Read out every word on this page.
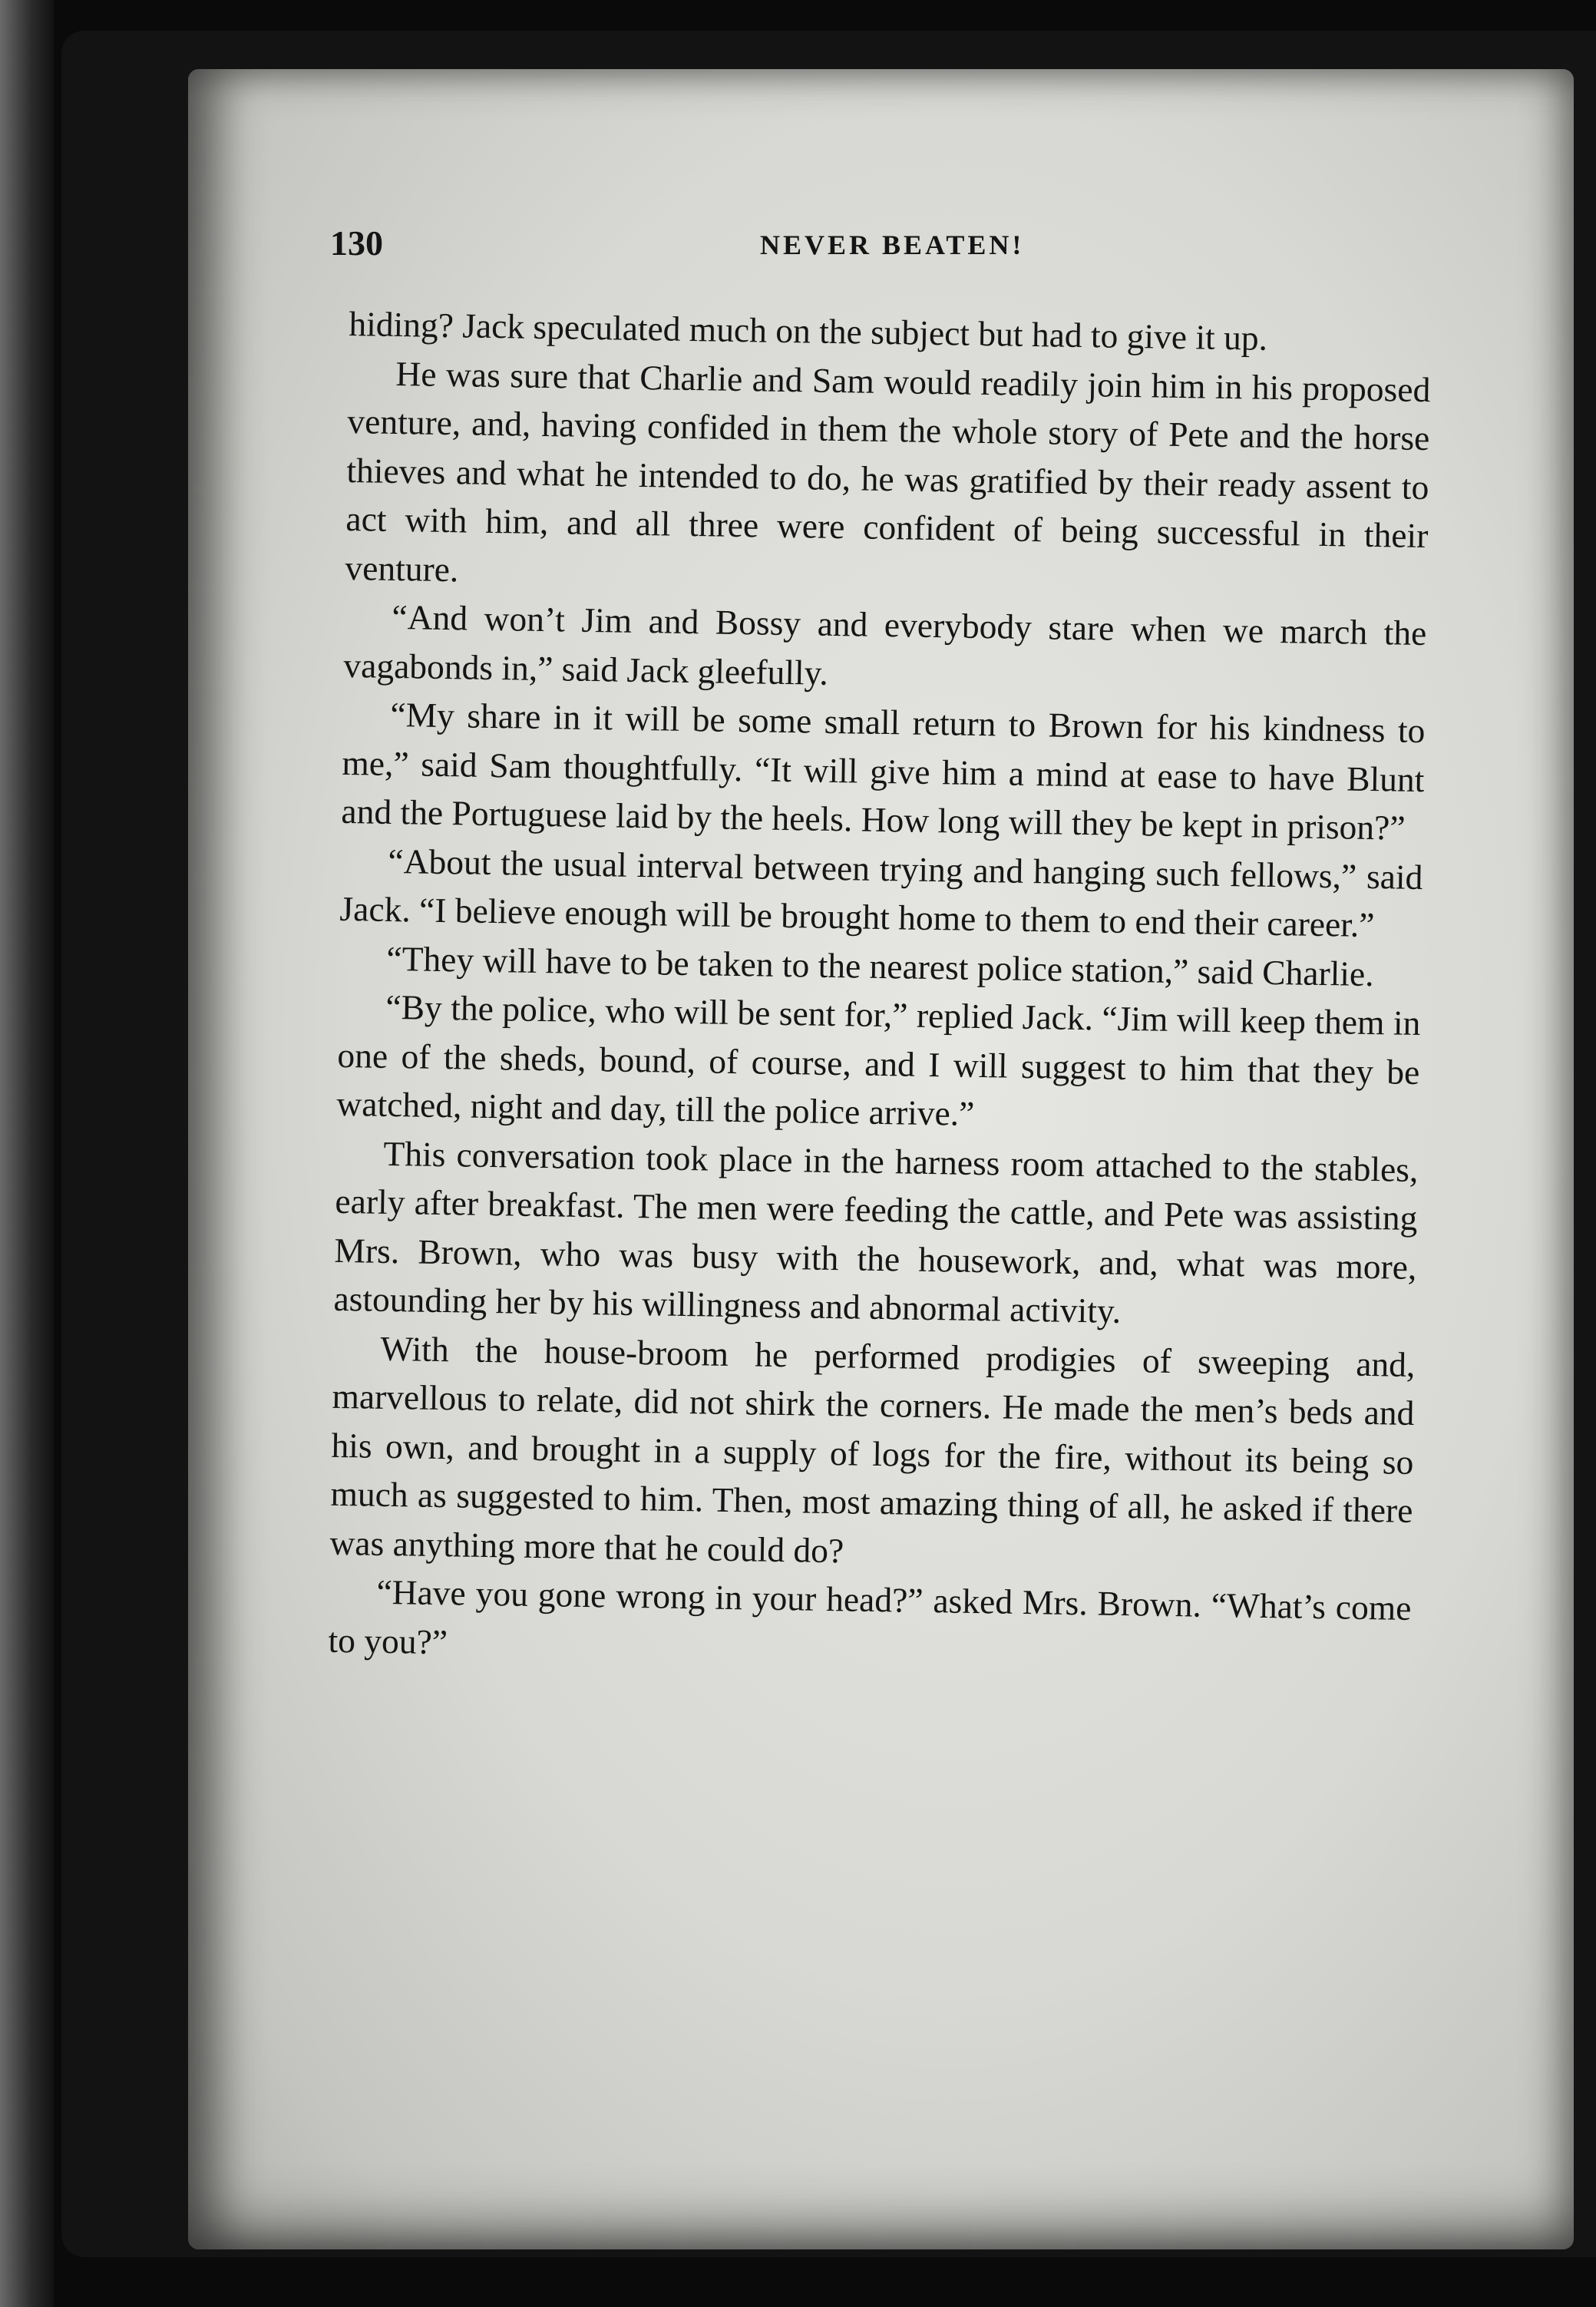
130	NEVER BEATEN!

hiding? Jack speculated much on the subject but had to give it up.

He was sure that Charlie and Sam would readily join him in his proposed venture, and, having confided in them the whole story of Pete and the horse thieves and what he intended to do, he was gratified by their ready assent to act with him, and all three were confident of being successful in their venture.

“And won’t Jim and Bossy and everybody stare when we march the vagabonds in,” said Jack gleefully.

“My share in it will be some small return to Brown for his kindness to me,” said Sam thoughtfully. “It will give him a mind at ease to have Blunt and the Portuguese laid by the heels. How long will they be kept in prison?”

“About the usual interval between trying and hanging such fellows,” said Jack. “I believe enough will be brought home to them to end their career.”

“They will have to be taken to the nearest police station,” said Charlie.

“By the police, who will be sent for,” replied Jack. “Jim will keep them in one of the sheds, bound, of course, and I will suggest to him that they be watched, night and day, till the police arrive.”

This conversation took place in the harness room attached to the stables, early after breakfast. The men were feeding the cattle, and Pete was assisting Mrs. Brown, who was busy with the housework, and, what was more, astounding her by his willingness and abnormal activity.

With the house-broom he performed prodigies of sweeping and, marvellous to relate, did not shirk the corners. He made the men’s beds and his own, and brought in a supply of logs for the fire, without its being so much as suggested to him. Then, most amazing thing of all, he asked if there was anything more that he could do?

“Have you gone wrong in your head?” asked Mrs. Brown. “What’s come to you?”
